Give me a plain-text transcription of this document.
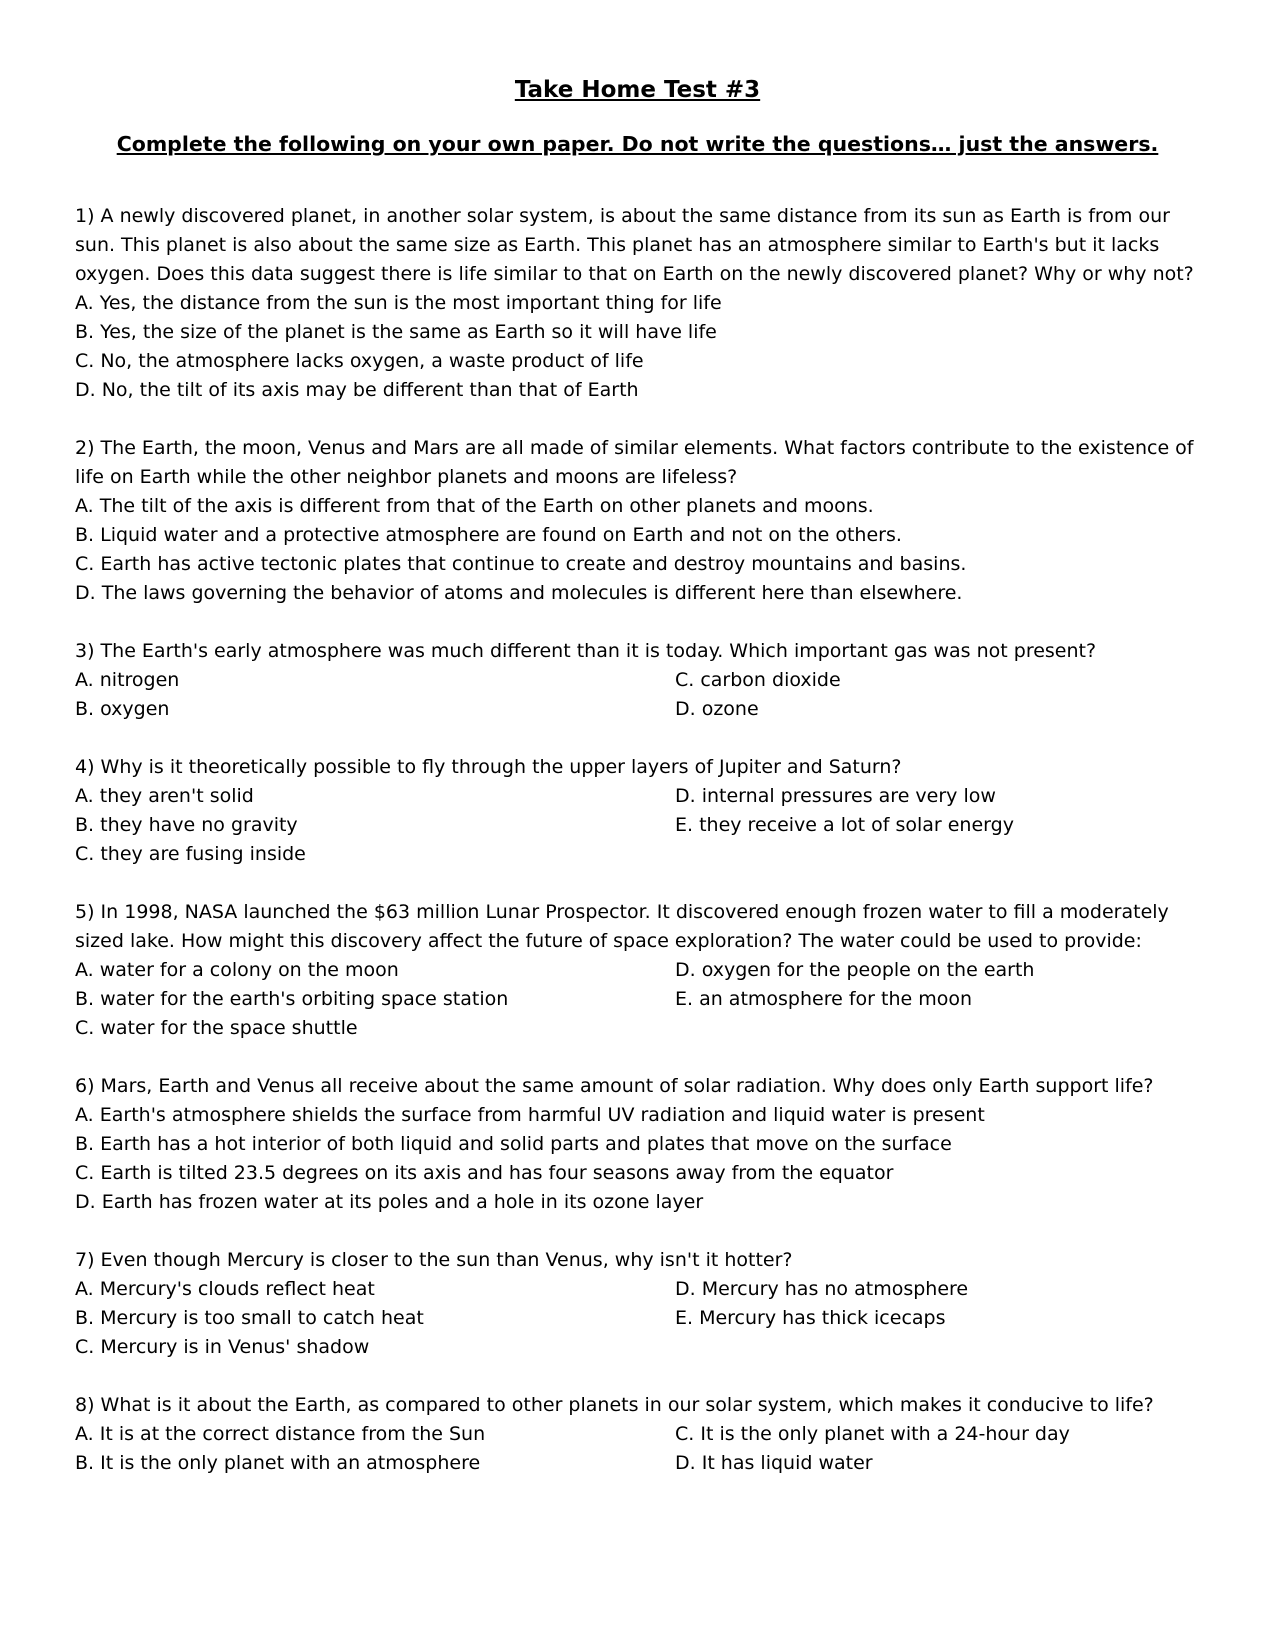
Take Home Test #3

Complete the following on your own paper. Do not write the questions… just the answers.

1) A newly discovered planet, in another solar system, is about the same distance from its sun as Earth is from our sun. This planet is also about the same size as Earth. This planet has an atmosphere similar to Earth's but it lacks oxygen. Does this data suggest there is life similar to that on Earth on the newly discovered planet? Why or why not?

A. Yes, the distance from the sun is the most important thing for life
B. Yes, the size of the planet is the same as Earth so it will have life
C. No, the atmosphere lacks oxygen, a waste product of life
D. No, the tilt of its axis may be different than that of Earth

2) The Earth, the moon, Venus and Mars are all made of similar elements. What factors contribute to the existence of life on Earth while the other neighbor planets and moons are lifeless?

A. The tilt of the axis is different from that of the Earth on other planets and moons.
B. Liquid water and a protective atmosphere are found on Earth and not on the others.
C. Earth has active tectonic plates that continue to create and destroy mountains and basins.
D. The laws governing the behavior of atoms and molecules is different here than elsewhere.

3) The Earth's early atmosphere was much different than it is today. Which important gas was not present?

A. nitrogen
B. oxygen
C. carbon dioxide
D. ozone

4) Why is it theoretically possible to fly through the upper layers of Jupiter and Saturn?

A. they aren't solid
B. they have no gravity
C. they are fusing inside
D. internal pressures are very low
E. they receive a lot of solar energy

5) In 1998, NASA launched the $63 million Lunar Prospector. It discovered enough frozen water to fill a moderately sized lake. How might this discovery affect the future of space exploration? The water could be used to provide:

A. water for a colony on the moon
B. water for the earth's orbiting space station
C. water for the space shuttle
D. oxygen for the people on the earth
E. an atmosphere for the moon

6) Mars, Earth and Venus all receive about the same amount of solar radiation. Why does only Earth support life?

A. Earth's atmosphere shields the surface from harmful UV radiation and liquid water is present
B. Earth has a hot interior of both liquid and solid parts and plates that move on the surface
C. Earth is tilted 23.5 degrees on its axis and has four seasons away from the equator
D. Earth has frozen water at its poles and a hole in its ozone layer

7) Even though Mercury is closer to the sun than Venus, why isn't it hotter?

A. Mercury's clouds reflect heat
B. Mercury is too small to catch heat
C. Mercury is in Venus' shadow
D. Mercury has no atmosphere
E. Mercury has thick icecaps

8) What is it about the Earth, as compared to other planets in our solar system, which makes it conducive to life?

A. It is at the correct distance from the Sun
B. It is the only planet with an atmosphere
C. It is the only planet with a 24-hour day
D. It has liquid water
